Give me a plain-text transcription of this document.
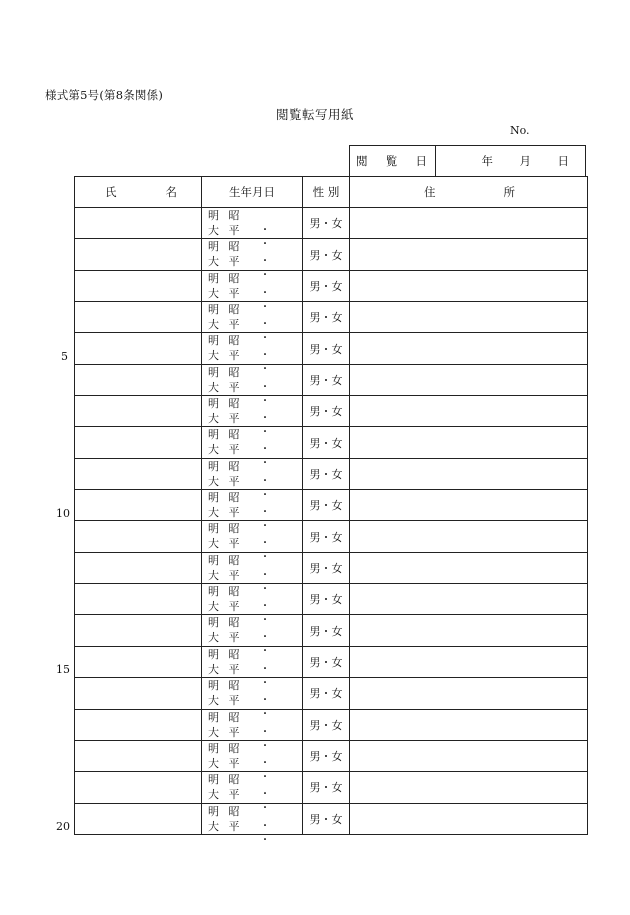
様式第5号(第8条関係)
閲覧転写用紙
No.
閲 覧 日	年	月	日
氏 名	生年月日	性 別	住 所

	明 昭
大 平 ・ ・	男・女	

	明 昭
大 平 ・ ・	男・女	

	明 昭
大 平 ・ ・	男・女	

	明 昭
大 平 ・ ・	男・女	

	明 昭
大 平 ・ ・	男・女	

	明 昭
大 平 ・ ・	男・女	

	明 昭
大 平 ・ ・	男・女	

	明 昭
大 平 ・ ・	男・女	

	明 昭
大 平 ・ ・	男・女	

	明 昭
大 平 ・ ・	男・女	

	明 昭
大 平 ・ ・	男・女	

	明 昭
大 平 ・ ・	男・女	

	明 昭
大 平 ・ ・	男・女	

	明 昭
大 平 ・ ・	男・女	

	明 昭
大 平 ・ ・	男・女	

	明 昭
大 平 ・ ・	男・女	

	明 昭
大 平 ・ ・	男・女	

	明 昭
大 平 ・ ・	男・女	

	明 昭
大 平 ・ ・	男・女	

	明 昭
大 平 ・ ・	男・女	
5
10
15
20
